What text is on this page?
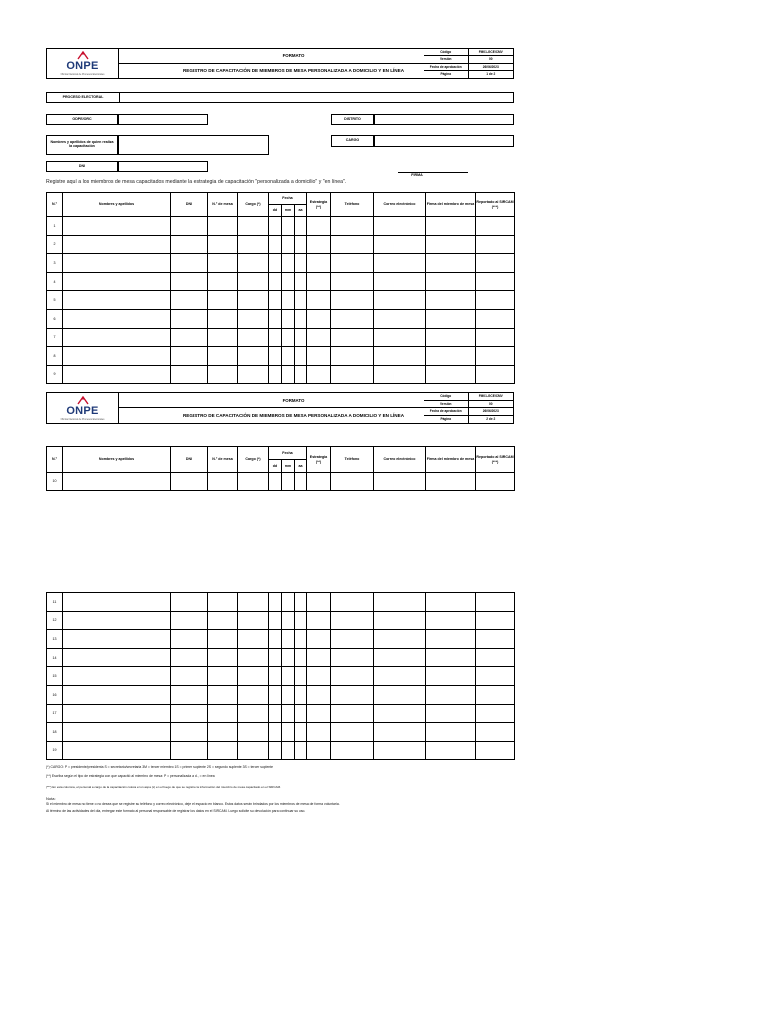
ONPE
Oficina Nacional de Procesos Electorales
FORMATO
REGISTRO DE CAPACITACIÓN DE MIEMBROS DE MESA PERSONALIZADA A DOMICILIO Y EN LÍNEA
Código	FM01-GCE/CMV
Versión	00
Fecha de aprobación	26/06/2023
Página	1 de 2
PROCESO ELECTORAL
ODPE/ORC	DISTRITO
Nombres y apellidos de quien realiza la capacitación
CARGO
DNI
FIRMA
Registre aquí a los miembros de mesa capacitados mediante la estrategia de capacitación "personalizada a domicilio" y "en línea".
N.°	Nombres y apellidos	DNI	N.° de mesa	Cargo (*)	Fecha			Estrategia (**)	Teléfono	Correo electrónico	Firma del miembro de mesa	Reportado al SIRCAM (***)
					dd	mm	aa					
1												
2												
3												
4												
5												
6												
7												
8												
9												
ONPE
Oficina Nacional de Procesos Electorales
FORMATO
REGISTRO DE CAPACITACIÓN DE MIEMBROS DE MESA PERSONALIZADA A DOMICILIO Y EN LÍNEA
Código	FM01-GCE/CMV
Versión	00
Fecha de aprobación	26/06/2023
Página	2 de 2
N.°	Nombres y apellidos	DNI	N.° de mesa	Cargo (*)	Fecha			Estrategia (**)	Teléfono	Correo electrónico	Firma del miembro de mesa	Reportado al SIRCAM (***)
					dd	mm	aa					
10												
11												
12												
13												
14												
15												
16												
17												
18												
19												
(*) CARGO: P = presidente/presidenta S = secretario/secretaria 3M = tercer miembro 1S = primer suplente 2S = segundo suplente 3S = tercer suplente
(**) Escriba según el tipo de estrategia con que capacitó al miembro de mesa: P = personalizada a d., = en línea
(***) En esta columna, el personal a cargo de la capacitación coloca el un aspa (x) en el fuego de que se registre la información del miembro de mesa capacitado en el SIRCAM.
Nota:
Si el miembro de mesa no tiene o no desea que se registre su teléfono y correo electrónico, deje el espacio en blanco. Estos datos serán brindados por los miembros de mesa de forma voluntaria.
Al término de las actividades del día, entregar este formato al personal responsable de registrar los datos en el SIRCAM. Luego solicite su devolución para continuar su uso.
